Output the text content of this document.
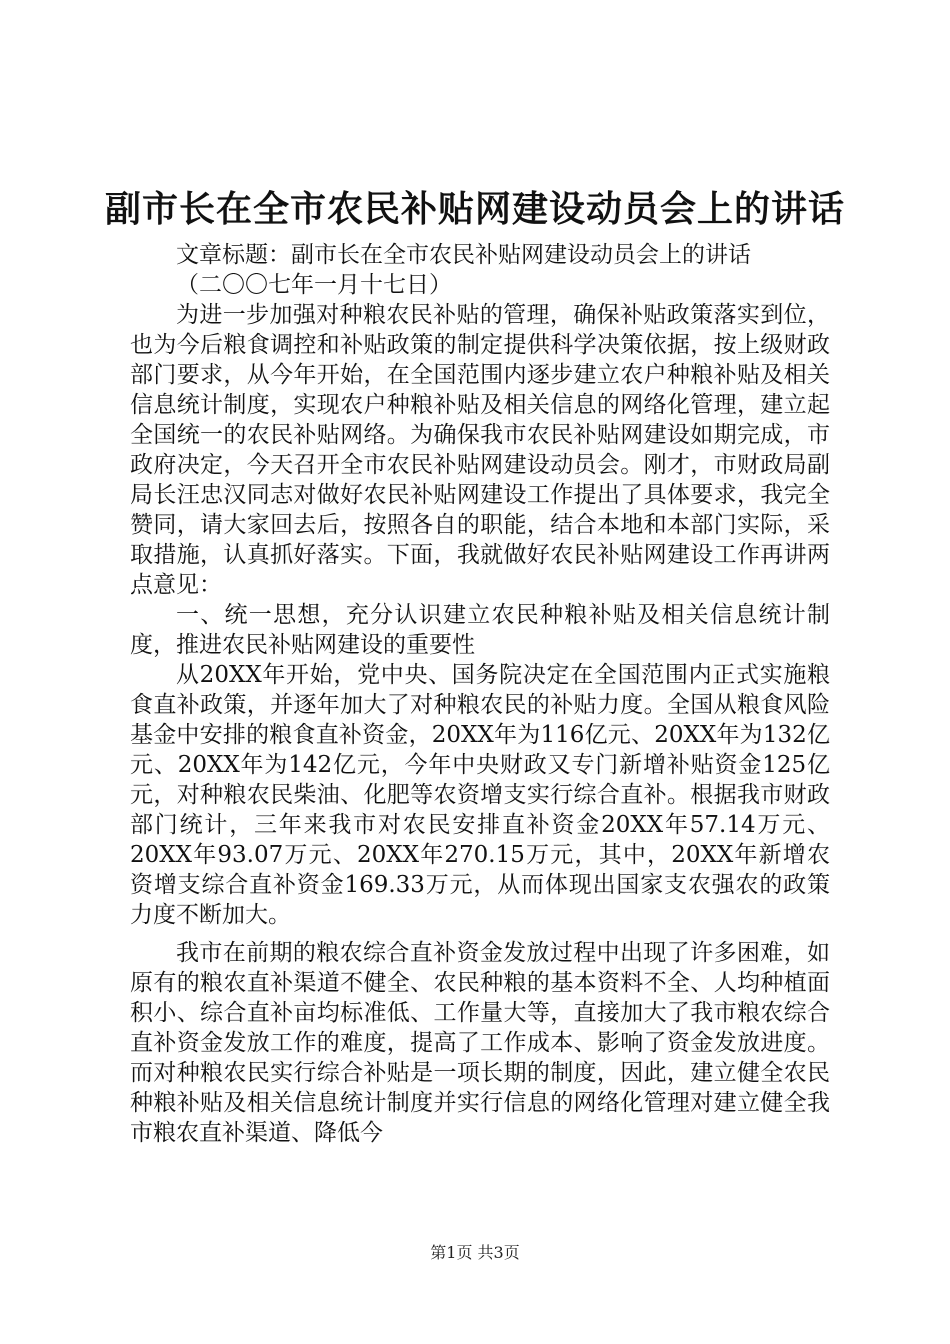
副市长在全市农民补贴网建设动员会上的讲话

文章标题：副市长在全市农民补贴网建设动员会上的讲话

（二〇〇七年一月十七日）

为进一步加强对种粮农民补贴的管理，确保补贴政策落实到位，也为今后粮食调控和补贴政策的制定提供科学决策依据，按上级财政部门要求，从今年开始，在全国范围内逐步建立农户种粮补贴及相关信息统计制度，实现农户种粮补贴及相关信息的网络化管理，建立起全国统一的农民补贴网络。为确保我市农民补贴网建设如期完成，市政府决定，今天召开全市农民补贴网建设动员会。刚才，市财政局副局长汪忠汉同志对做好农民补贴网建设工作提出了具体要求，我完全赞同，请大家回去后，按照各自的职能，结合本地和本部门实际，采取措施，认真抓好落实。下面，我就做好农民补贴网建设工作再讲两点意见：

一、统一思想，充分认识建立农民种粮补贴及相关信息统计制度，推进农民补贴网建设的重要性

从20XX年开始，党中央、国务院决定在全国范围内正式实施粮食直补政策，并逐年加大了对种粮农民的补贴力度。全国从粮食风险基金中安排的粮食直补资金，20XX年为116亿元、20XX年为132亿元、20XX年为142亿元，今年中央财政又专门新增补贴资金125亿元，对种粮农民柴油、化肥等农资增支实行综合直补。根据我市财政部门统计，三年来我市对农民安排直补资金20XX年57.14万元、20XX年93.07万元、20XX年270.15万元，其中，20XX年新增农资增支综合直补资金169.33万元，从而体现出国家支农强农的政策力度不断加大。

我市在前期的粮农综合直补资金发放过程中出现了许多困难，如原有的粮农直补渠道不健全、农民种粮的基本资料不全、人均种植面积小、综合直补亩均标准低、工作量大等，直接加大了我市粮农综合直补资金发放工作的难度，提高了工作成本、影响了资金发放进度。而对种粮农民实行综合补贴是一项长期的制度，因此，建立健全农民种粮补贴及相关信息统计制度并实行信息的网络化管理对建立健全我市粮农直补渠道、降低今

第1页 共3页
